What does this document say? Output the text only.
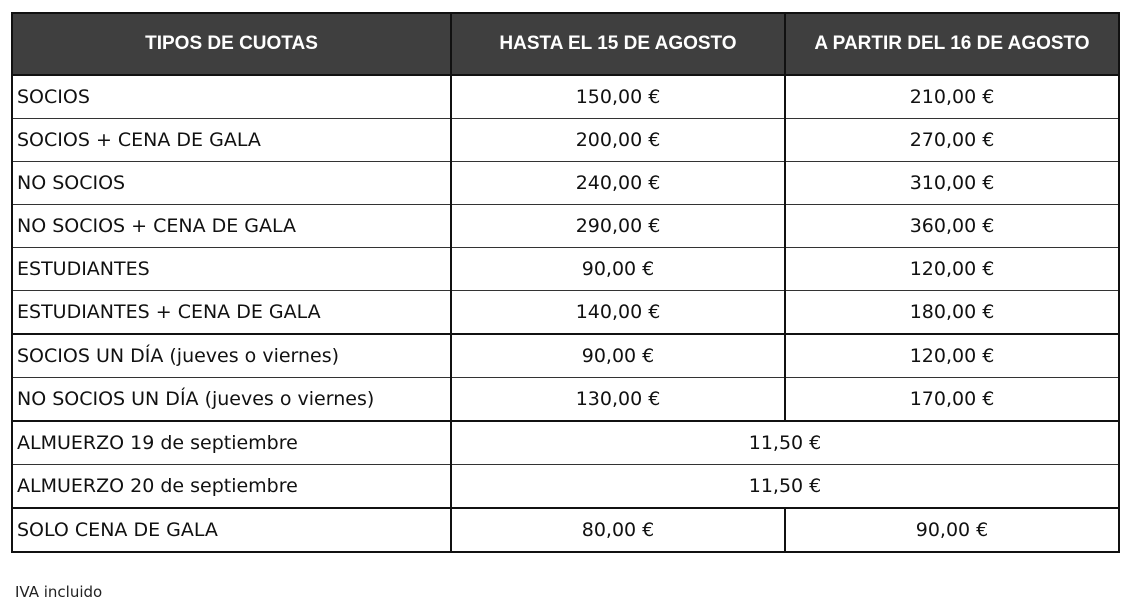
TIPOS DE CUOTAS	HASTA EL 15 DE AGOSTO	A PARTIR DEL 16 DE AGOSTO
SOCIOS	150,00 €	210,00 €
SOCIOS + CENA DE GALA	200,00 €	270,00 €
NO SOCIOS	240,00 €	310,00 €
NO SOCIOS + CENA DE GALA	290,00 €	360,00 €
ESTUDIANTES	90,00 €	120,00 €
ESTUDIANTES + CENA DE GALA	140,00 €	180,00 €
SOCIOS UN DÍA (jueves o viernes)	90,00 €	120,00 €
NO SOCIOS UN DÍA (jueves o viernes)	130,00 €	170,00 €
ALMUERZO 19 de septiembre	11,50 €	
ALMUERZO 20 de septiembre	11,50 €	
SOLO CENA DE GALA	80,00 €	90,00 €
IVA incluido
